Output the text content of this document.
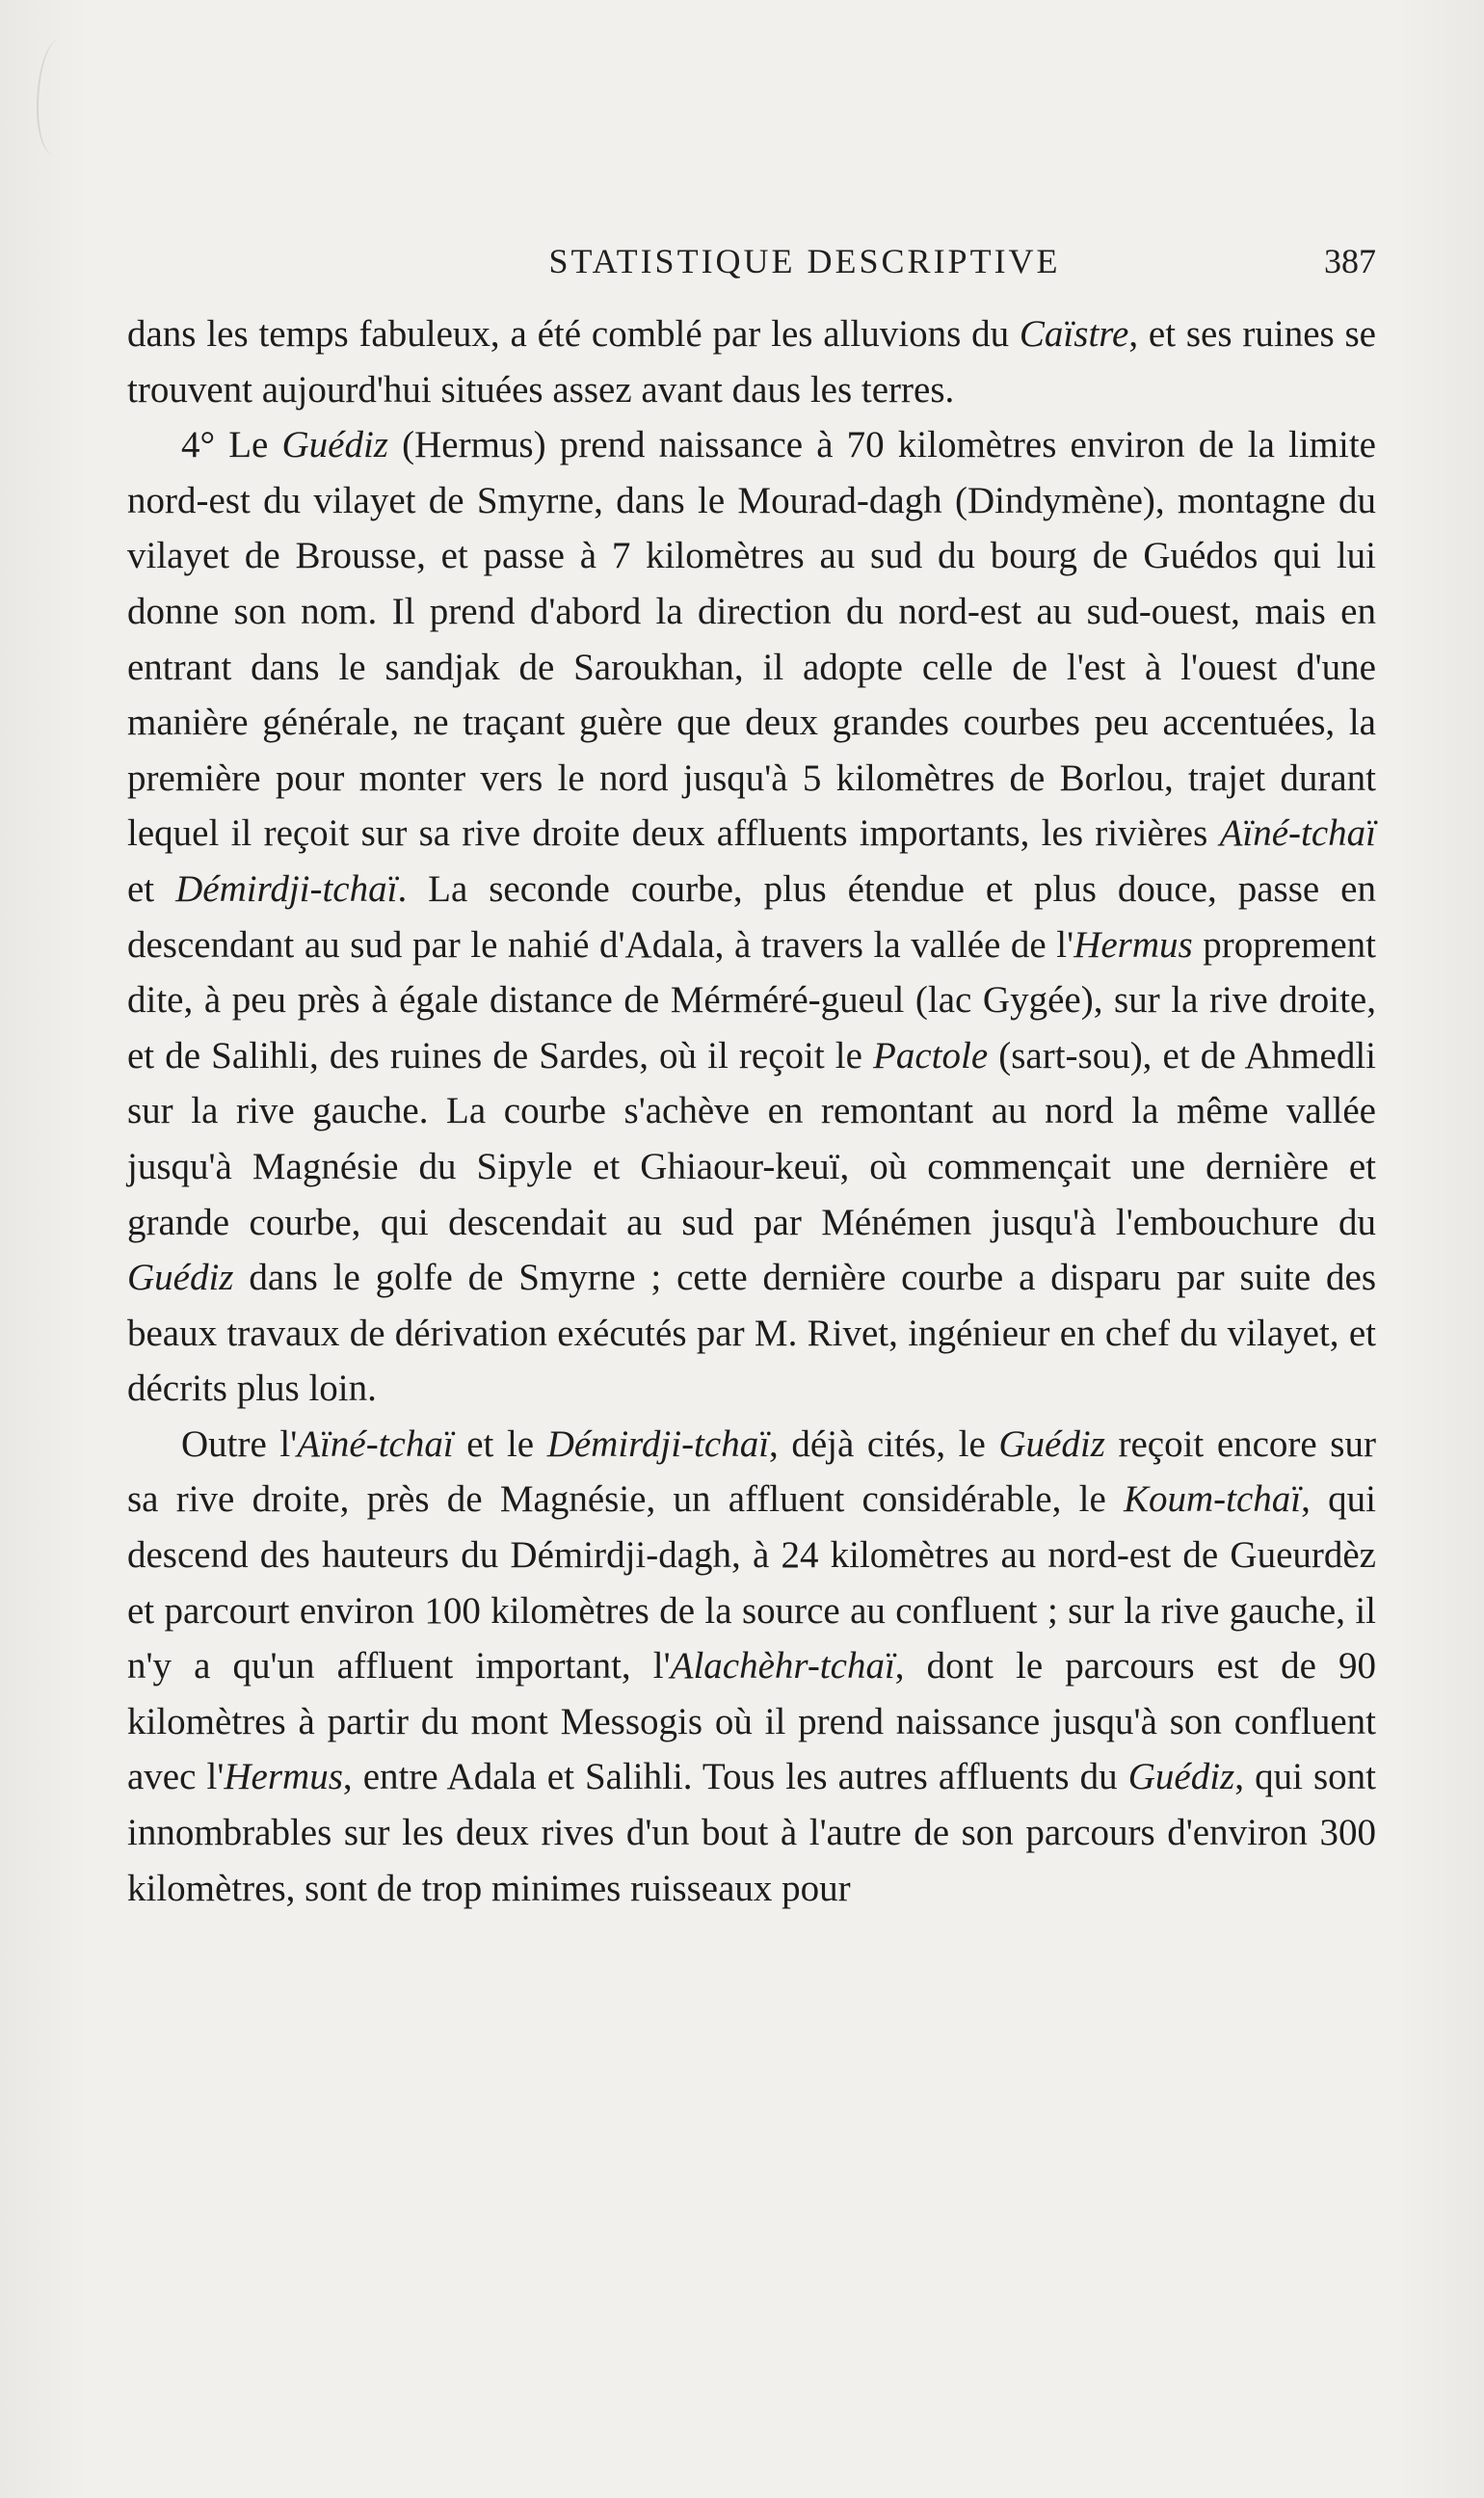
STATISTIQUE DESCRIPTIVE	387

dans les temps fabuleux, a été comblé par les alluvions du Caïstre, et ses ruines se trouvent aujourd'hui situées assez avant daus les terres.

4° Le Guédiz (Hermus) prend naissance à 70 kilomètres environ de la limite nord-est du vilayet de Smyrne, dans le Mourad-dagh (Dindymène), montagne du vilayet de Brousse, et passe à 7 kilomètres au sud du bourg de Guédos qui lui donne son nom. Il prend d'abord la direction du nord-est au sud-ouest, mais en entrant dans le sandjak de Saroukhan, il adopte celle de l'est à l'ouest d'une manière générale, ne traçant guère que deux grandes courbes peu accentuées, la première pour monter vers le nord jusqu'à 5 kilomètres de Borlou, trajet durant lequel il reçoit sur sa rive droite deux affluents importants, les rivières Aïné-tchaï et Démirdji-tchaï. La seconde courbe, plus étendue et plus douce, passe en descendant au sud par le nahié d'Adala, à travers la vallée de l'Hermus proprement dite, à peu près à égale distance de Mérméré-gueul (lac Gygée), sur la rive droite, et de Salihli, des ruines de Sardes, où il reçoit le Pactole (sart-sou), et de Ahmedli sur la rive gauche. La courbe s'achève en remontant au nord la même vallée jusqu'à Magnésie du Sipyle et Ghiaour-keuï, où commençait une dernière et grande courbe, qui descendait au sud par Ménémen jusqu'à l'embouchure du Guédiz dans le golfe de Smyrne ; cette dernière courbe a disparu par suite des beaux travaux de dérivation exécutés par M. Rivet, ingénieur en chef du vilayet, et décrits plus loin.

Outre l'Aïné-tchaï et le Démirdji-tchaï, déjà cités, le Guédiz reçoit encore sur sa rive droite, près de Magnésie, un affluent considérable, le Koum-tchaï, qui descend des hauteurs du Démirdji-dagh, à 24 kilomètres au nord-est de Gueurdèz et parcourt environ 100 kilomètres de la source au confluent ; sur la rive gauche, il n'y a qu'un affluent important, l'Alachèhr-tchaï, dont le parcours est de 90 kilomètres à partir du mont Messogis où il prend naissance jusqu'à son confluent avec l'Hermus, entre Adala et Salihli. Tous les autres affluents du Guédiz, qui sont innombrables sur les deux rives d'un bout à l'autre de son parcours d'environ 300 kilomètres, sont de trop minimes ruisseaux pour
